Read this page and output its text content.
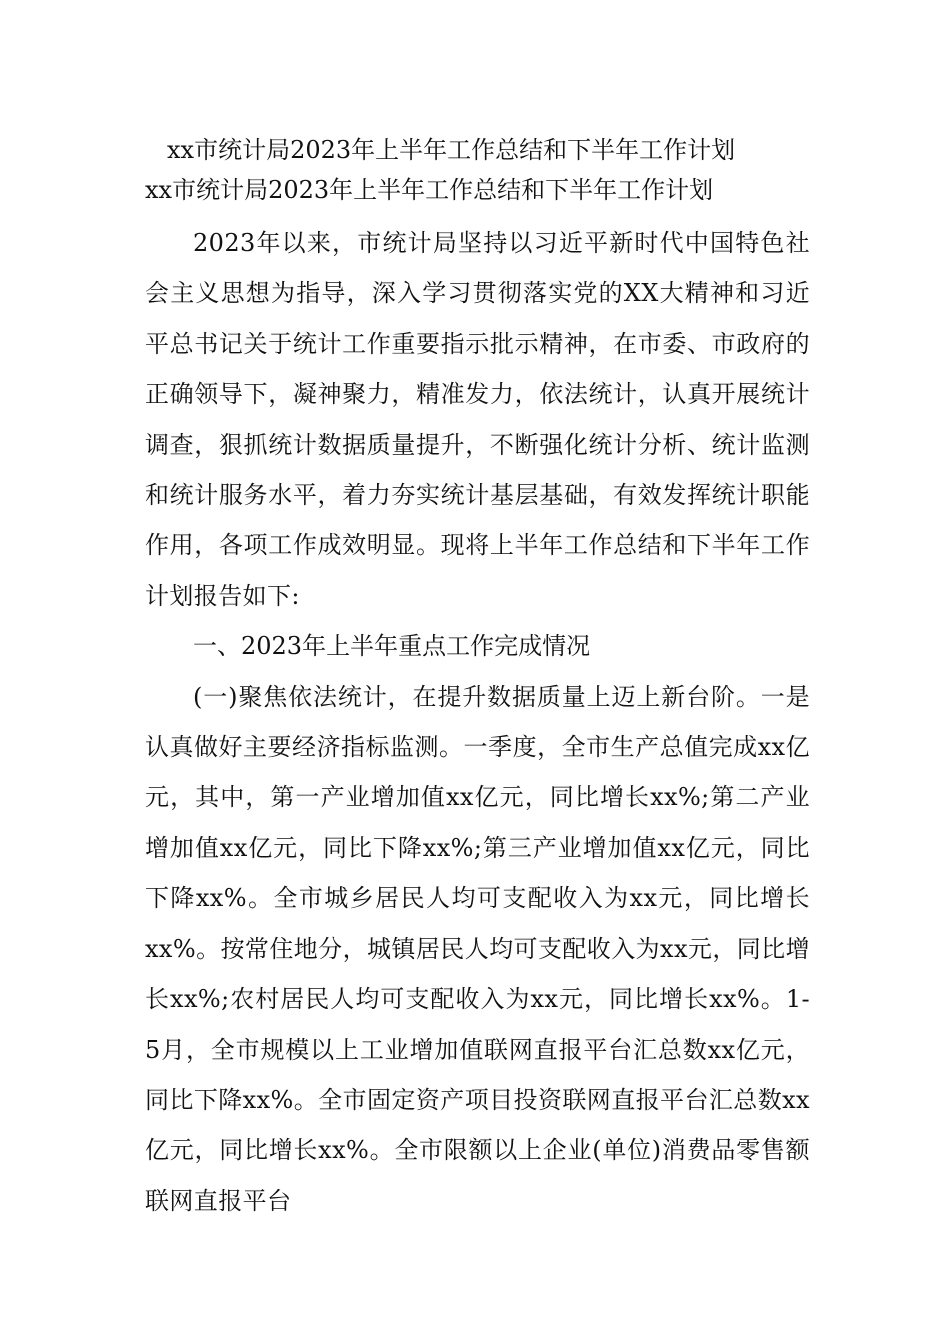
xx市统计局2023年上半年工作总结和下半年工作计划
xx市统计局2023年上半年工作总结和下半年工作计划

2023年以来，市统计局坚持以习近平新时代中国特色社会主义思想为指导，深入学习贯彻落实党的XX大精神和习近平总书记关于统计工作重要指示批示精神，在市委、市政府的正确领导下，凝神聚力，精准发力，依法统计，认真开展统计调查，狠抓统计数据质量提升，不断强化统计分析、统计监测和统计服务水平，着力夯实统计基层基础，有效发挥统计职能作用，各项工作成效明显。现将上半年工作总结和下半年工作计划报告如下:

一、2023年上半年重点工作完成情况

(一)聚焦依法统计，在提升数据质量上迈上新台阶。一是认真做好主要经济指标监测。一季度，全市生产总值完成xx亿元，其中，第一产业增加值xx亿元，同比增长xx%;第二产业增加值xx亿元，同比下降xx%;第三产业增加值xx亿元，同比下降xx%。全市城乡居民人均可支配收入为xx元，同比增长xx%。按常住地分，城镇居民人均可支配收入为xx元，同比增长xx%;农村居民人均可支配收入为xx元，同比增长xx%。1-5月，全市规模以上工业增加值联网直报平台汇总数xx亿元，同比下降xx%。全市固定资产项目投资联网直报平台汇总数xx亿元，同比增长xx%。全市限额以上企业(单位)消费品零售额联网直报平台
